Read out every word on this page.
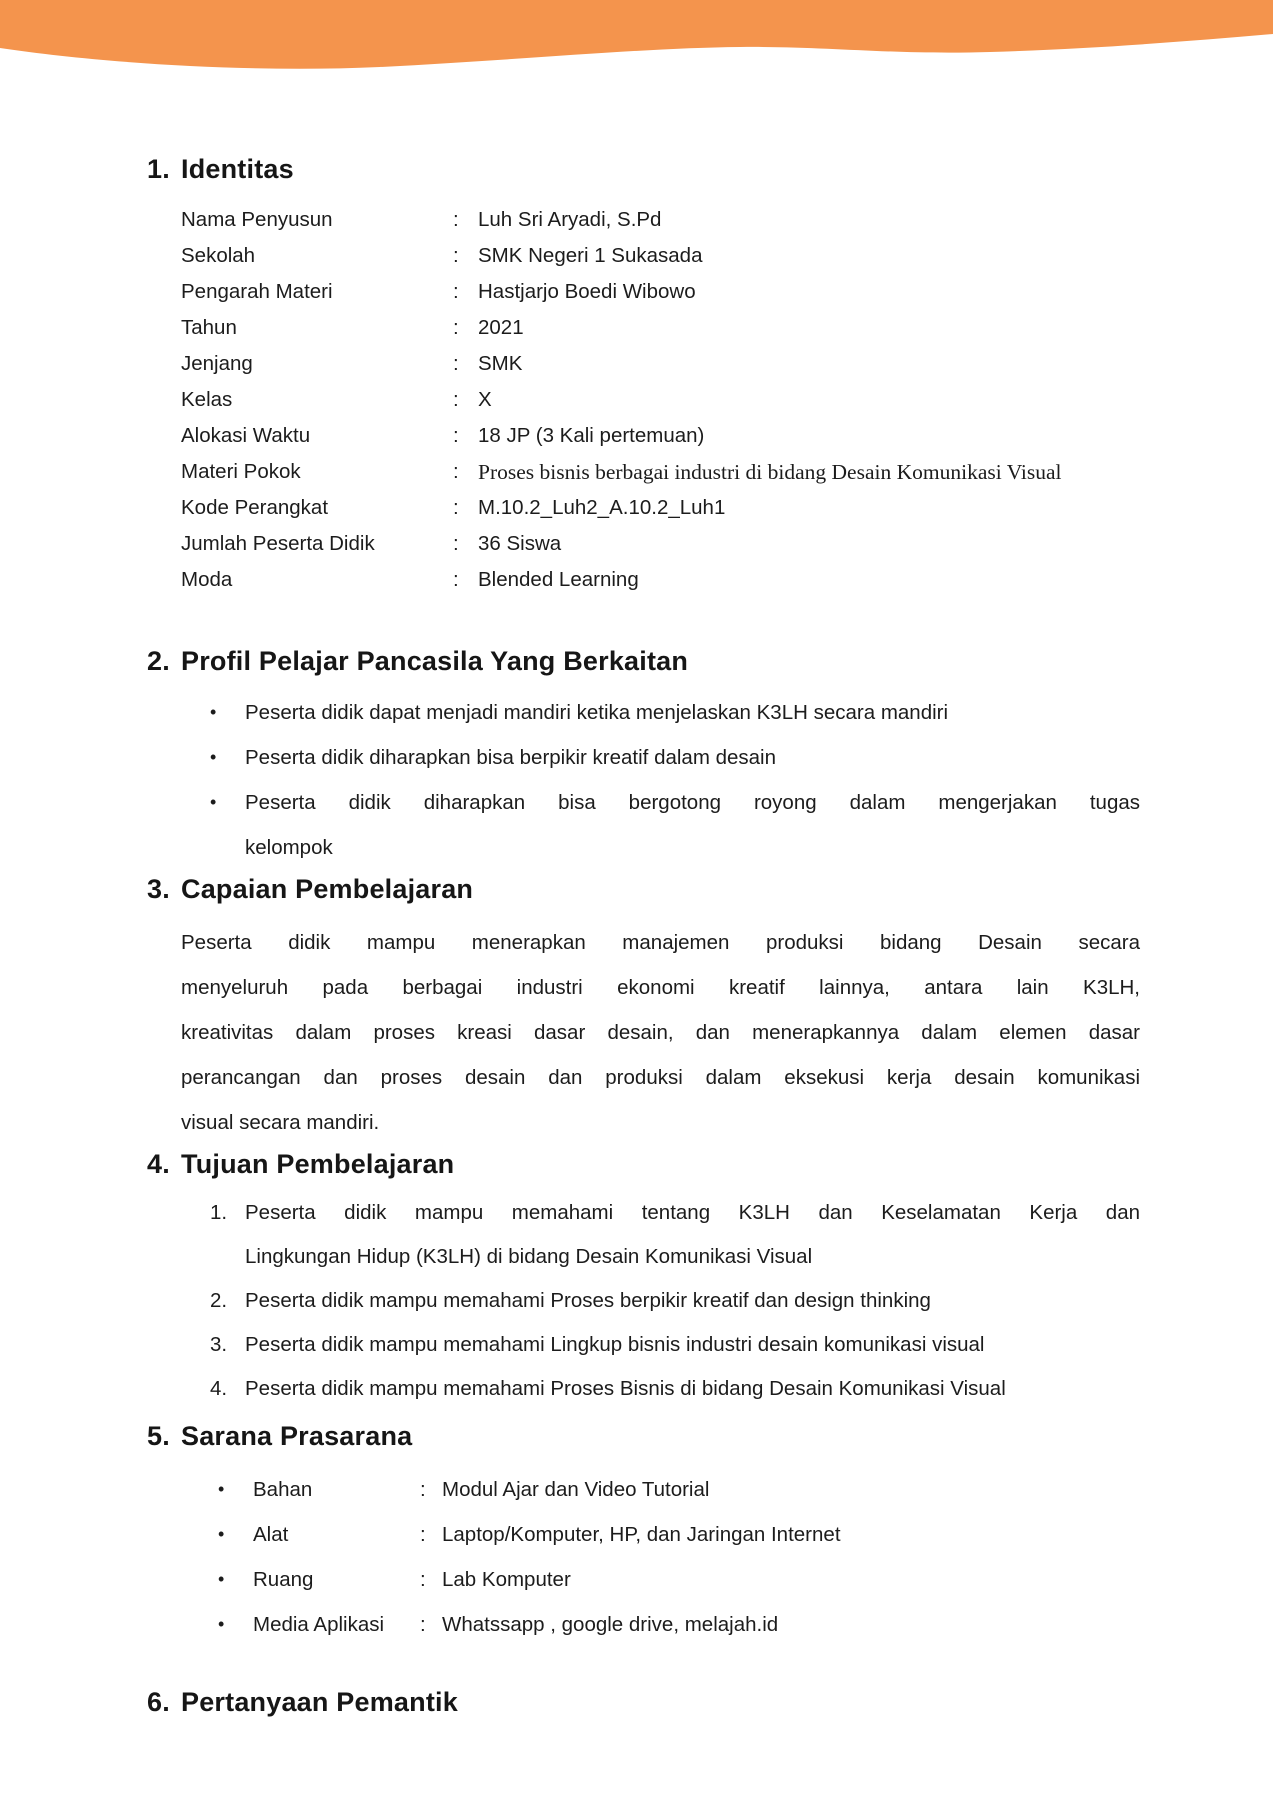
1. Identitas
Nama Penyusun	: Luh Sri Aryadi, S.Pd
Sekolah	: SMK Negeri 1 Sukasada
Pengarah Materi	: Hastjarjo Boedi Wibowo
Tahun	: 2021
Jenjang	: SMK
Kelas	: X
Alokasi Waktu	: 18 JP (3 Kali pertemuan)
Materi Pokok	: Proses bisnis berbagai industri di bidang Desain Komunikasi Visual
Kode Perangkat	: M.10.2_Luh2_A.10.2_Luh1
Jumlah Peserta Didik	: 36 Siswa
Moda	: Blended Learning
2. Profil Pelajar Pancasila Yang Berkaitan
•	Peserta didik dapat menjadi mandiri ketika menjelaskan K3LH secara mandiri
•	Peserta didik diharapkan bisa berpikir kreatif dalam desain
•	Peserta didik diharapkan bisa bergotong royong dalam mengerjakan tugas
kelompok
3. Capaian Pembelajaran
Peserta didik mampu menerapkan manajemen produksi bidang Desain secara
menyeluruh pada berbagai industri ekonomi kreatif lainnya, antara lain K3LH,
kreativitas dalam proses kreasi dasar desain, dan menerapkannya dalam elemen dasar
perancangan dan proses desain dan produksi dalam eksekusi kerja desain komunikasi
visual secara mandiri.
4. Tujuan Pembelajaran
1. Peserta didik mampu memahami tentang K3LH dan Keselamatan Kerja dan
Lingkungan Hidup (K3LH) di bidang Desain Komunikasi Visual
2. Peserta didik mampu memahami Proses berpikir kreatif dan design thinking
3. Peserta didik mampu memahami Lingkup bisnis industri desain komunikasi visual
4. Peserta didik mampu memahami Proses Bisnis di bidang Desain Komunikasi Visual
5. Sarana Prasarana
•	Bahan	: Modul Ajar dan Video Tutorial
•	Alat	: Laptop/Komputer, HP, dan Jaringan Internet
•	Ruang	: Lab Komputer
•	Media Aplikasi	: Whatssapp , google drive, melajah.id
6. Pertanyaan Pemantik
